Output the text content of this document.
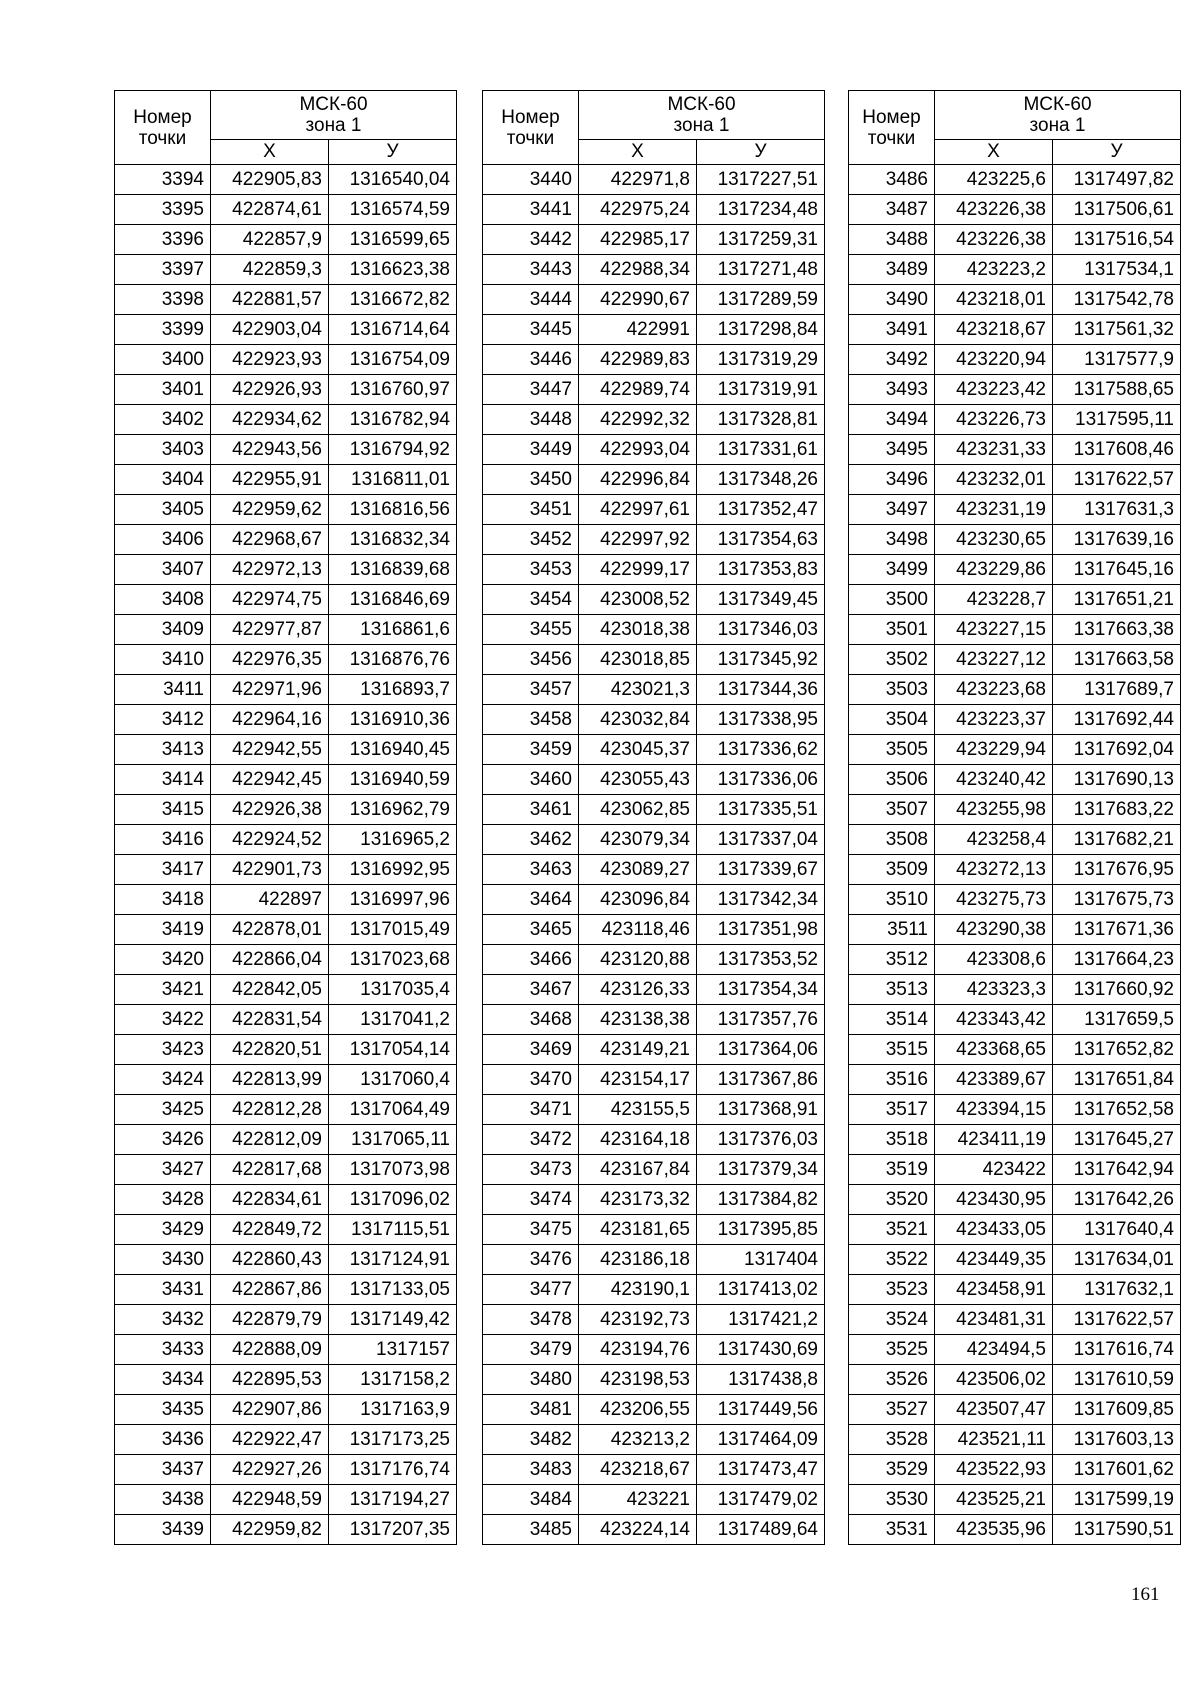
Номер
точки	МСК-60
зона 1	
	Х	У
3394	422905,83	1316540,04
3395	422874,61	1316574,59
3396	422857,9	1316599,65
3397	422859,3	1316623,38
3398	422881,57	1316672,82
3399	422903,04	1316714,64
3400	422923,93	1316754,09
3401	422926,93	1316760,97
3402	422934,62	1316782,94
3403	422943,56	1316794,92
3404	422955,91	1316811,01
3405	422959,62	1316816,56
3406	422968,67	1316832,34
3407	422972,13	1316839,68
3408	422974,75	1316846,69
3409	422977,87	1316861,6
3410	422976,35	1316876,76
3411	422971,96	1316893,7
3412	422964,16	1316910,36
3413	422942,55	1316940,45
3414	422942,45	1316940,59
3415	422926,38	1316962,79
3416	422924,52	1316965,2
3417	422901,73	1316992,95
3418	422897	1316997,96
3419	422878,01	1317015,49
3420	422866,04	1317023,68
3421	422842,05	1317035,4
3422	422831,54	1317041,2
3423	422820,51	1317054,14
3424	422813,99	1317060,4
3425	422812,28	1317064,49
3426	422812,09	1317065,11
3427	422817,68	1317073,98
3428	422834,61	1317096,02
3429	422849,72	1317115,51
3430	422860,43	1317124,91
3431	422867,86	1317133,05
3432	422879,79	1317149,42
3433	422888,09	1317157
3434	422895,53	1317158,2
3435	422907,86	1317163,9
3436	422922,47	1317173,25
3437	422927,26	1317176,74
3438	422948,59	1317194,27
3439	422959,82	1317207,35
Номер
точки	МСК-60
зона 1	
	Х	У
3440	422971,8	1317227,51
3441	422975,24	1317234,48
3442	422985,17	1317259,31
3443	422988,34	1317271,48
3444	422990,67	1317289,59
3445	422991	1317298,84
3446	422989,83	1317319,29
3447	422989,74	1317319,91
3448	422992,32	1317328,81
3449	422993,04	1317331,61
3450	422996,84	1317348,26
3451	422997,61	1317352,47
3452	422997,92	1317354,63
3453	422999,17	1317353,83
3454	423008,52	1317349,45
3455	423018,38	1317346,03
3456	423018,85	1317345,92
3457	423021,3	1317344,36
3458	423032,84	1317338,95
3459	423045,37	1317336,62
3460	423055,43	1317336,06
3461	423062,85	1317335,51
3462	423079,34	1317337,04
3463	423089,27	1317339,67
3464	423096,84	1317342,34
3465	423118,46	1317351,98
3466	423120,88	1317353,52
3467	423126,33	1317354,34
3468	423138,38	1317357,76
3469	423149,21	1317364,06
3470	423154,17	1317367,86
3471	423155,5	1317368,91
3472	423164,18	1317376,03
3473	423167,84	1317379,34
3474	423173,32	1317384,82
3475	423181,65	1317395,85
3476	423186,18	1317404
3477	423190,1	1317413,02
3478	423192,73	1317421,2
3479	423194,76	1317430,69
3480	423198,53	1317438,8
3481	423206,55	1317449,56
3482	423213,2	1317464,09
3483	423218,67	1317473,47
3484	423221	1317479,02
3485	423224,14	1317489,64
Номер
точки	МСК-60
зона 1	
	Х	У
3486	423225,6	1317497,82
3487	423226,38	1317506,61
3488	423226,38	1317516,54
3489	423223,2	1317534,1
3490	423218,01	1317542,78
3491	423218,67	1317561,32
3492	423220,94	1317577,9
3493	423223,42	1317588,65
3494	423226,73	1317595,11
3495	423231,33	1317608,46
3496	423232,01	1317622,57
3497	423231,19	1317631,3
3498	423230,65	1317639,16
3499	423229,86	1317645,16
3500	423228,7	1317651,21
3501	423227,15	1317663,38
3502	423227,12	1317663,58
3503	423223,68	1317689,7
3504	423223,37	1317692,44
3505	423229,94	1317692,04
3506	423240,42	1317690,13
3507	423255,98	1317683,22
3508	423258,4	1317682,21
3509	423272,13	1317676,95
3510	423275,73	1317675,73
3511	423290,38	1317671,36
3512	423308,6	1317664,23
3513	423323,3	1317660,92
3514	423343,42	1317659,5
3515	423368,65	1317652,82
3516	423389,67	1317651,84
3517	423394,15	1317652,58
3518	423411,19	1317645,27
3519	423422	1317642,94
3520	423430,95	1317642,26
3521	423433,05	1317640,4
3522	423449,35	1317634,01
3523	423458,91	1317632,1
3524	423481,31	1317622,57
3525	423494,5	1317616,74
3526	423506,02	1317610,59
3527	423507,47	1317609,85
3528	423521,11	1317603,13
3529	423522,93	1317601,62
3530	423525,21	1317599,19
3531	423535,96	1317590,51
161
